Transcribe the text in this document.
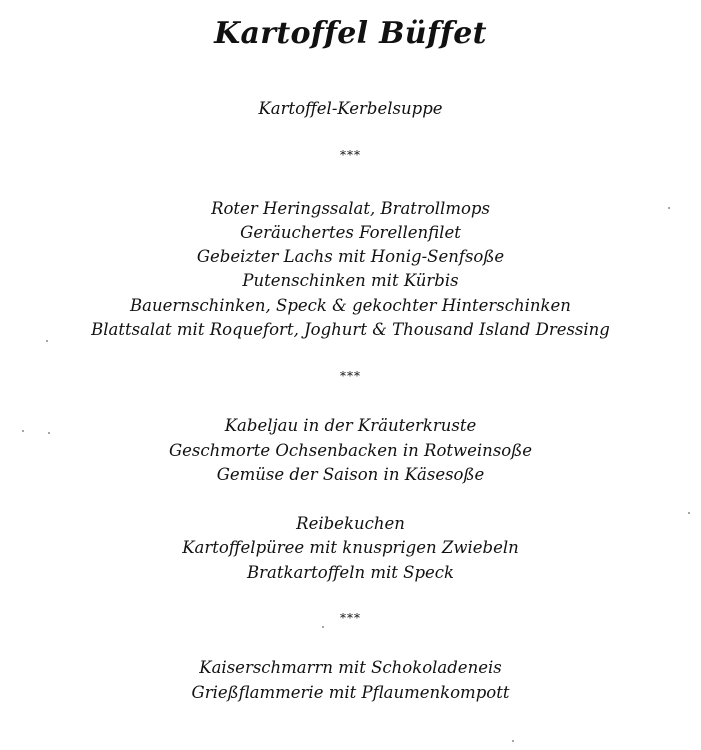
Kartoffel Büffet
Kartoffel-Kerbelsuppe
***
Roter Heringssalat, Bratrollmops
Geräuchertes Forellenfilet
Gebeizter Lachs mit Honig-Senfsoße
Putenschinken mit Kürbis
Bauernschinken, Speck & gekochter Hinterschinken
Blattsalat mit Roquefort, Joghurt & Thousand Island Dressing
***
Kabeljau in der Kräuterkruste
Geschmorte Ochsenbacken in Rotweinsoße
Gemüse der Saison in Käsesoße
Reibekuchen
Kartoffelpüree mit knusprigen Zwiebeln
Bratkartoffeln mit Speck
***
Kaiserschmarrn mit Schokoladeneis
Grießflammerie mit Pflaumenkompott
